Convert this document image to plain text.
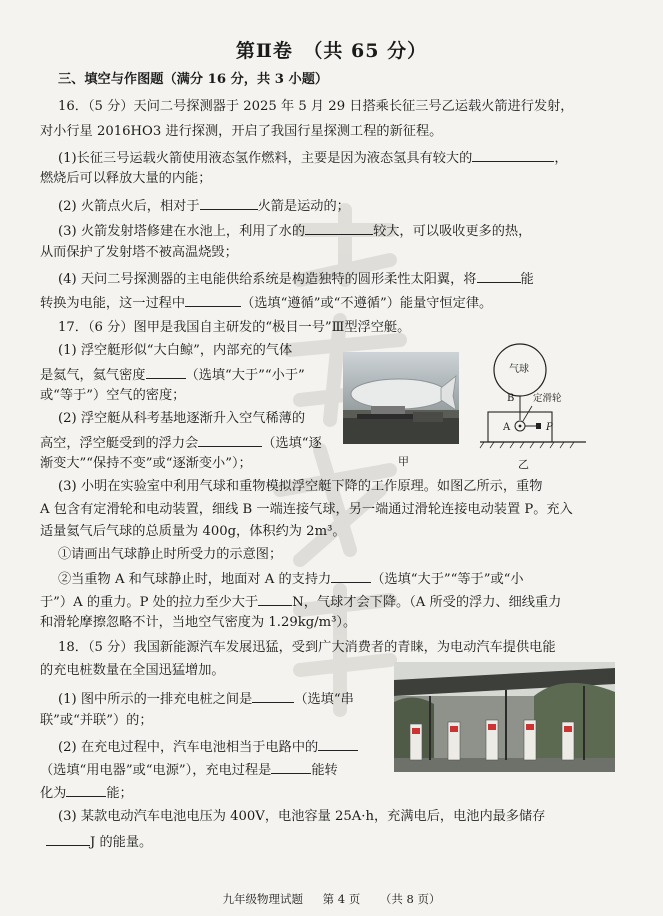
第Ⅱ卷　（共 65 分）
三、填空与作图题（满分 16 分，共 3 小题）
16．（5 分）天问二号探测器于 2025 年 5 月 29 日搭乘长征三号乙运载火箭进行发射，
对小行星 2016HO3 进行探测，开启了我国行星探测工程的新征程。
(1)长征三号运载火箭使用液态氢作燃料，主要是因为液态氢具有较大的	，
燃烧后可以释放大量的内能；
(2) 火箭点火后，相对于	火箭是运动的；
(3) 火箭发射塔修建在水池上，利用了水的	较大，可以吸收更多的热，
从而保护了发射塔不被高温烧毁；
(4) 天问二号探测器的主电能供给系统是构造独特的圆形柔性太阳翼，将	能
转换为电能，这一过程中	（选填“遵循”或“不遵循”）能量守恒定律。
17．（6 分）图甲是我国自主研发的“极目一号”Ⅲ型浮空艇。
(1) 浮空艇形似“大白鲸”，内部充的气体
是氦气，氦气密度	（选填“大于”“小于”
或“等于”）空气的密度；
(2) 浮空艇从科考基地逐渐升入空气稀薄的
高空，浮空艇受到的浮力会	（选填“逐
渐变大”“保持不变”或“逐渐变小”）；	甲
气球
B 定滑轮
A	P
乙
(3) 小明在实验室中利用气球和重物模拟浮空艇下降的工作原理。如图乙所示，重物
A 包含有定滑轮和电动装置，细线 B 一端连接气球，另一端通过滑轮连接电动装置 P。充入
适量氦气后气球的总质量为 400g，体积约为 2m³。
①请画出气球静止时所受力的示意图；
②当重物 A 和气球静止时，地面对 A 的支持力	（选填“大于”“等于”或“小
于”）A 的重力。P 处的拉力至少大于	N，气球才会下降。（A 所受的浮力、细线重力
和滑轮摩擦忽略不计，当地空气密度为 1.29kg/m³）。
18．（5 分）我国新能源汽车发展迅猛，受到广大消费者的青睐，为电动汽车提供电能
的充电桩数量在全国迅猛增加。
(1) 图中所示的一排充电桩之间是	（选填“串
联”或“并联”）的；
(2) 在充电过程中，汽车电池相当于电路中的
（选填“用电器”或“电源”），充电过程是	能转
化为	能；
(3) 某款电动汽车电池电压为 400V，电池容量 25A·h，充满电后，电池内最多储存
J 的能量。
九年级物理试题 第 4 页 （共 8 页）
